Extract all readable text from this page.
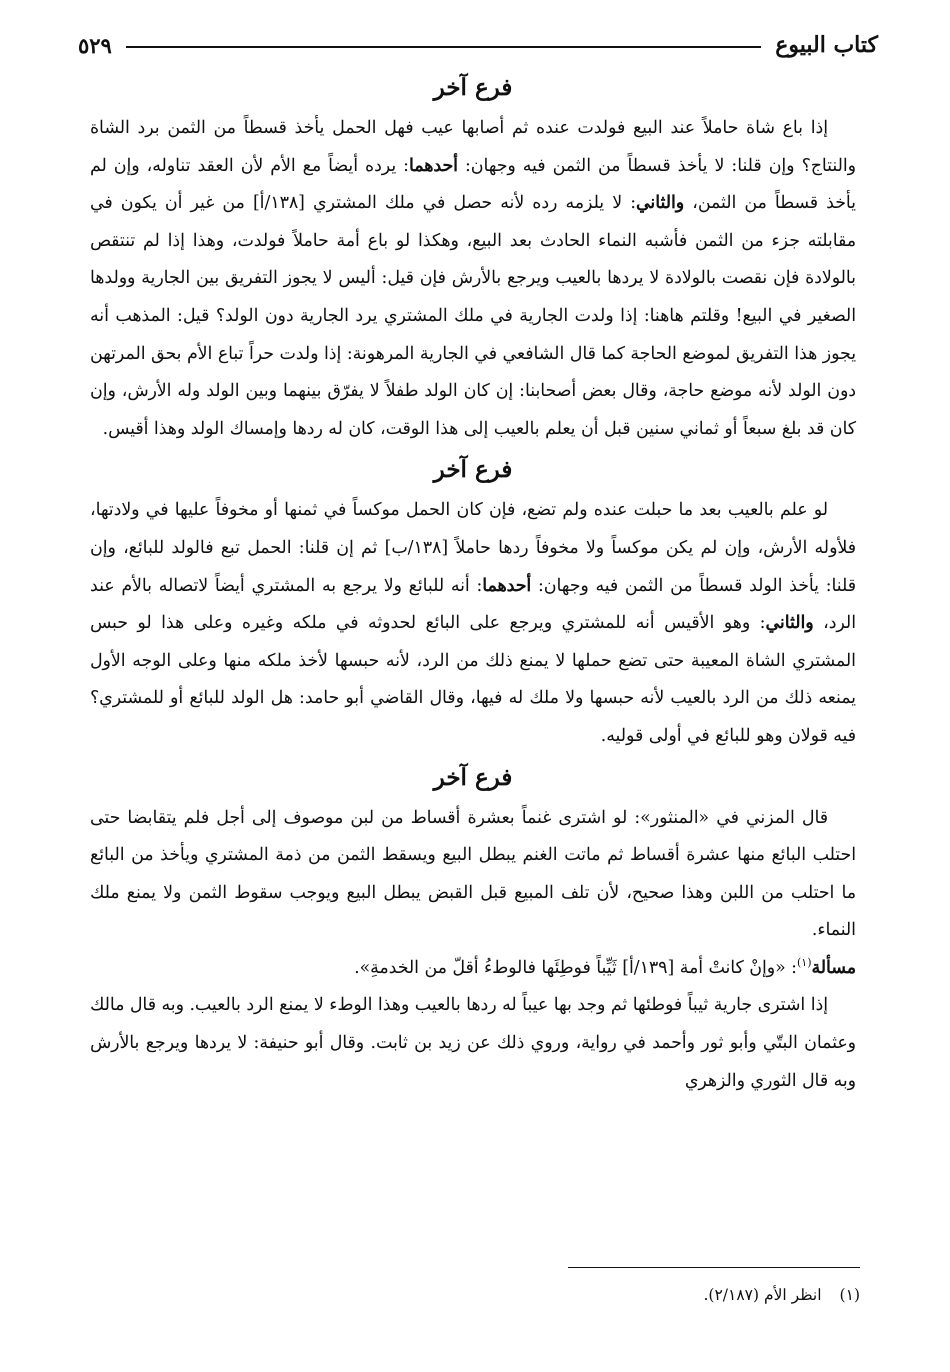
كتاب البيوع
٥٢٩
فرع آخر

إذا باع شاة حاملاً عند البيع فولدت عنده ثم أصابها عيب فهل الحمل يأخذ قسطاً من الثمن برد الشاة والنتاج؟ وإن قلنا: لا يأخذ قسطاً من الثمن فيه وجهان: أحدهما: يرده أيضاً مع الأم لأن العقد تناوله، وإن لم يأخذ قسطاً من الثمن، والثاني: لا يلزمه رده لأنه حصل في ملك المشتري [١٣٨/أ] من غير أن يكون في مقابلته جزء من الثمن فأشبه النماء الحادث بعد البيع، وهكذا لو باع أمة حاملاً فولدت، وهذا إذا لم تنتقص بالولادة فإن نقصت بالولادة لا يردها بالعيب ويرجع بالأرش فإن قيل: أليس لا يجوز التفريق بين الجارية وولدها الصغير في البيع! وقلتم هاهنا: إذا ولدت الجارية في ملك المشتري يرد الجارية دون الولد؟ قيل: المذهب أنه يجوز هذا التفريق لموضع الحاجة كما قال الشافعي في الجارية المرهونة: إذا ولدت حراً تباع الأم بحق المرتهن دون الولد لأنه موضع حاجة، وقال بعض أصحابنا: إن كان الولد طفلاً لا يفرّق بينهما وبين الولد وله الأرش، وإن كان قد بلغ سبعاً أو ثماني سنين قبل أن يعلم بالعيب إلى هذا الوقت، كان له ردها وإمساك الولد وهذا أقيس.

فرع آخر

لو علم بالعيب بعد ما حبلت عنده ولم تضع، فإن كان الحمل موكساً في ثمنها أو مخوفاً عليها في ولادتها، فلأوله الأرش، وإن لم يكن موكساً ولا مخوفاً ردها حاملاً [١٣٨/ب] ثم إن قلنا: الحمل تبع فالولد للبائع، وإن قلنا: يأخذ الولد قسطاً من الثمن فيه وجهان: أحدهما: أنه للبائع ولا يرجع به المشتري أيضاً لاتصاله بالأم عند الرد، والثاني: وهو الأقيس أنه للمشتري ويرجع على البائع لحدوثه في ملكه وغيره وعلى هذا لو حبس المشتري الشاة المعيبة حتى تضع حملها لا يمنع ذلك من الرد، لأنه حبسها لأخذ ملكه منها وعلى الوجه الأول يمنعه ذلك من الرد بالعيب لأنه حبسها ولا ملك له فيها، وقال القاضي أبو حامد: هل الولد للبائع أو للمشتري؟ فيه قولان وهو للبائع في أولى قوليه.

فرع آخر

قال المزني في «المنثور»: لو اشترى غنماً بعشرة أقساط من لبن موصوف إلى أجل فلم يتقابضا حتى احتلب البائع منها عشرة أقساط ثم ماتت الغنم يبطل البيع ويسقط الثمن من ذمة المشتري ويأخذ من البائع ما احتلب من اللبن وهذا صحيح، لأن تلف المبيع قبل القبض يبطل البيع ويوجب سقوط الثمن ولا يمنع ملك النماء.

مسألة$^{(١)}$: «وإنْ كانتْ أمة [١٣٩/أ] ثَيِّباً فوطِئَها فالوطءُ أقلّ من الخدمةِ».

إذا اشترى جارية ثيباً فوطئها ثم وجد بها عيباً له ردها بالعيب وهذا الوطء لا يمنع الرد بالعيب. وبه قال مالك وعثمان البتّي وأبو ثور وأحمد في رواية، وروي ذلك عن زيد بن ثابت. وقال أبو حنيفة: لا يردها ويرجع بالأرش وبه قال الثوري والزهري

(١)انظر الأم (٢/١٨٧).
